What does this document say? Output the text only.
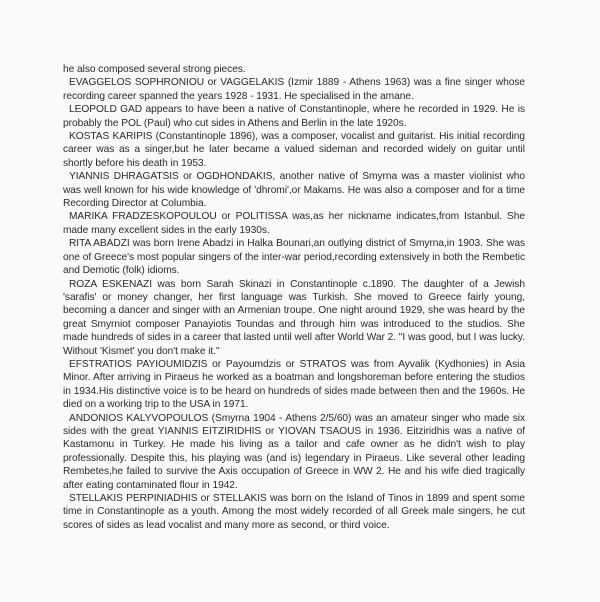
he also composed several strong pieces.

EVAGGELOS SOPHRONIOU or VAGGELAKIS (Izmir 1889 - Athens 1963) was a fine singer whose recording career spanned the years 1928 - 1931. He specialised in the amane.

LEOPOLD GAD appears to have been a native of Constantinople, where he recorded in 1929. He is probably the POL (Paul) who cut sides in Athens and Berlin in the late 1920s.

KOSTAS KARIPIS (Constantinople 1896), was a composer, vocalist and guitarist. His initial recording career was as a singer,but he later became a valued sideman and recorded widely on guitar until shortly before his death in 1953.

YIANNIS DHRAGATSIS or OGDHONDAKIS, another native of Smyrna was a master violinist who was well known for his wide knowledge of 'dhromi',or Makams. He was also a composer and for a time Recording Director at Columbia.

MARIKA FRADZESKOPOULOU or POLITISSA was,as her nickname indicates,from Istanbul. She made many excellent sides in the early 1930s.

RITA ABADZI was born Irene Abadzi in Halka Bounari,an outlying district of Smyrna,in 1903. She was one of Greece's most popular singers of the inter-war period,recording extensively in both the Rembetic and Demotic (folk) idioms.

ROZA ESKENAZI was born Sarah Skinazi in Constantinople c.1890. The daughter of a Jewish 'sarafis' or money changer, her first language was Turkish. She moved to Greece fairly young, becoming a dancer and singer with an Armenian troupe. One night around 1929, she was heard by the great Smyrniot composer Panayiotis Toundas and through him was introduced to the studios. She made hundreds of sides in a career that lasted until well after World War 2. "I was good, but I was lucky. Without 'Kismet' you don't make it."

EFSTRATIOS PAYIOUMIDZIS or Payoumdzis or STRATOS was from Ayvalik (Kydhonies) in Asia Minor. After arriving in Piraeus he worked as a boatman and longshoreman before entering the studios in 1934.His distinctive voice is to be heard on hundreds of sides made between then and the 1960s. He died on a working trip to the USA in 1971.

ANDONIOS KALYVOPOULOS (Smyrna 1904 - Athens 2/5/60) was an amateur singer who made six sides with the great YIANNIS EITZIRIDHIS or YIOVAN TSAOUS in 1936. Eitziridhis was a native of Kastamonu in Turkey. He made his living as a tailor and cafe owner as he didn't wish to play professionally. Despite this, his playing was (and is) legendary in Piraeus. Like several other leading Rembetes,he failed to survive the Axis occupation of Greece in WW 2. He and his wife died tragically after eating contaminated flour in 1942.

STELLAKIS PERPINIADHIS or STELLAKIS was born on the Island of Tinos in 1899 and spent some time in Constantinople as a youth. Among the most widely recorded of all Greek male singers, he cut scores of sides as lead vocalist and many more as second, or third voice.
